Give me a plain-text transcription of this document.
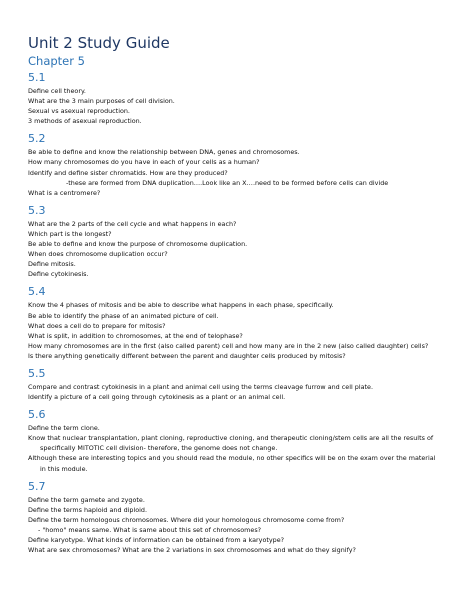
Unit 2 Study Guide
Chapter 5
5.1
Define cell theory.
What are the 3 main purposes of cell division.
Sexual vs asexual reproduction.
3 methods of asexual reproduction.
5.2
Be able to define and know the relationship between DNA, genes and chromosomes.
How many chromosomes do you have in each of your cells as a human?
Identify and define sister chromatids. How are they produced?
-these are formed from DNA duplication….Look like an X….need to be formed before cells can divide
What is a centromere?
5.3
What are the 2 parts of the cell cycle and what happens in each?
Which part is the longest?
Be able to define and know the purpose of chromosome duplication.
When does chromosome duplication occur?
Define mitosis.
Define cytokinesis.
5.4
Know the 4 phases of mitosis and be able to describe what happens in each phase, specifically.
Be able to identify the phase of an animated picture of cell.
What does a cell do to prepare for mitosis?
What is split, in addition to chromosomes, at the end of telophase?
How many chromosomes are in the first (also called parent) cell and how many are in the 2 new (also called daughter) cells?
Is there anything genetically different between the parent and daughter cells produced by mitosis?
5.5
Compare and contrast cytokinesis in a plant and animal cell using the terms cleavage furrow and cell plate.
Identify a picture of a cell going through cytokinesis as a plant or an animal cell.
5.6
Define the term clone.
Know that nuclear transplantation, plant cloning, reproductive cloning, and therapeutic cloning/stem cells are all the results of specifically MITOTIC cell division- therefore, the genome does not change.
Although these are interesting topics and you should read the module, no other specifics will be on the exam over the material in this module.
5.7
Define the term gamete and zygote.
Define the terms haploid and diploid.
Define the term homologous chromosomes. Where did your homologous chromosome come from?
- "homo" means same. What is same about this set of chromosomes?
Define karyotype. What kinds of information can be obtained from a karyotype?
What are sex chromosomes? What are the 2 variations in sex chromosomes and what do they signify?
